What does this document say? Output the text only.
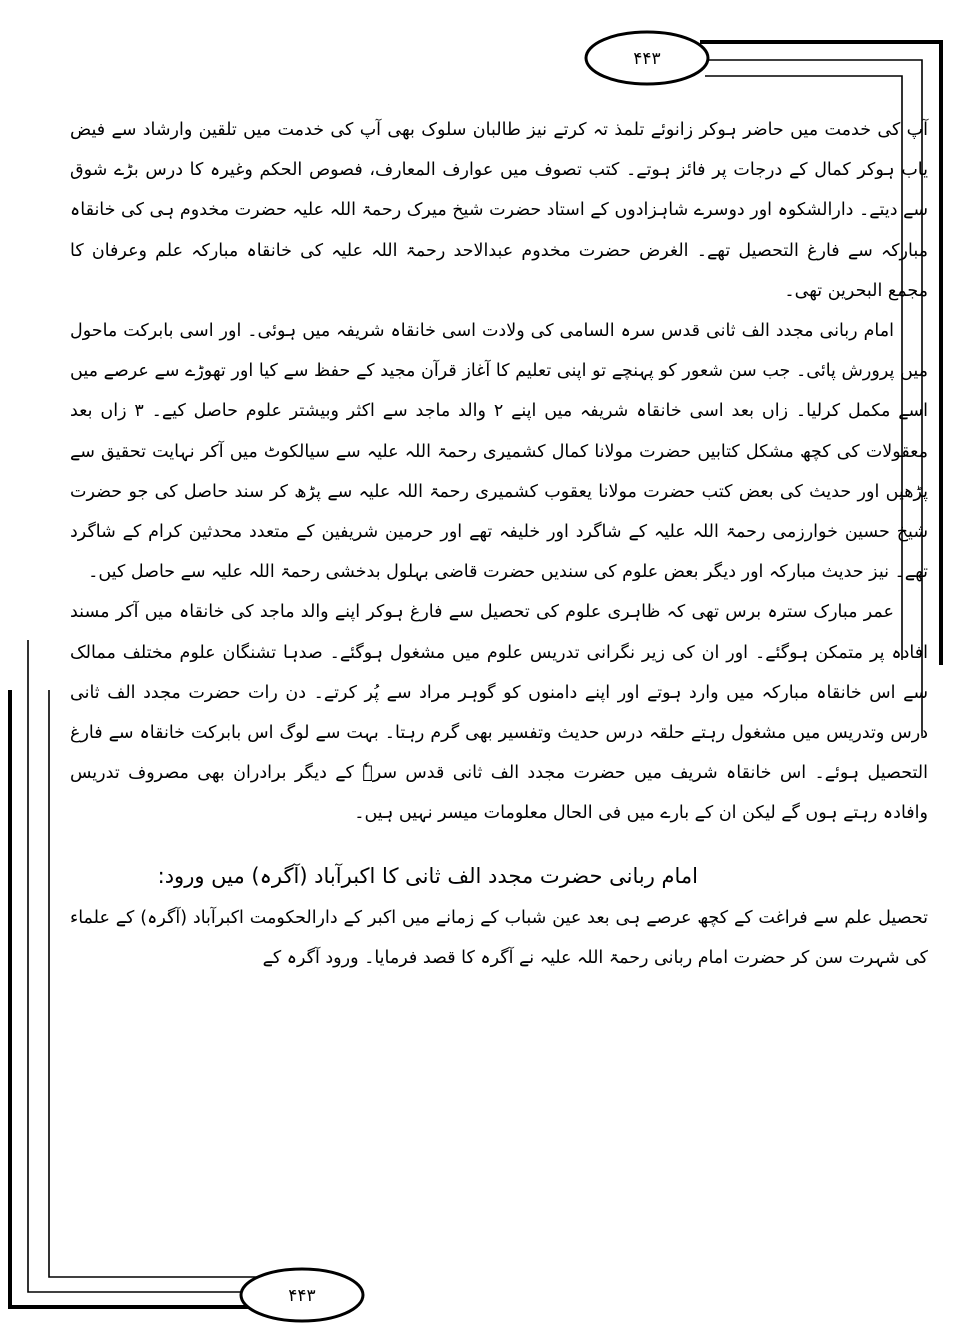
۴۴۳
۴۴۳

آپ کی خدمت میں حاضر ہوکر زانوئے تلمذ تہ کرتے نیز طالبان سلوک بھی آپ کی خدمت میں تلقین وارشاد سے فیض یاب ہوکر کمال کے درجات پر فائز ہوتے۔ کتب تصوف میں عوارف المعارف، فصوص الحکم وغیرہ کا درس بڑے شوق سے دیتے۔ دارالشکوہ اور دوسرے شاہزادوں کے استاد حضرت شیخ میرک رحمۃ اللہ علیہ حضرت مخدوم ہی کی خانقاہ مبارکہ سے فارغ التحصیل تھے۔ الغرض حضرت مخدوم عبدالاحد رحمۃ اللہ علیہ کی خانقاہ مبارکہ علم وعرفان کا مجمع البحرین تھی۔

امام ربانی مجدد الف ثانی قدس سرہ السامی کی ولادت اسی خانقاہ شریفہ میں ہوئی۔ اور اسی بابرکت ماحول میں پرورش پائی۔ جب سن شعور کو پہنچے تو اپنی تعلیم کا آغاز قرآن مجید کے حفظ سے کیا اور تھوڑے سے عرصے میں اسے مکمل کرلیا۔ زاں بعد اسی خانقاہ شریفہ میں اپنے ۲ والد ماجد سے اکثر وبیشتر علوم حاصل کیے۔ ۳ زاں بعد معقولات کی کچھ مشکل کتابیں حضرت مولانا کمال کشمیری رحمۃ اللہ علیہ سے سیالکوٹ میں آکر نہایت تحقیق سے پڑھیں اور حدیث کی بعض کتب حضرت مولانا یعقوب کشمیری رحمۃ اللہ علیہ سے پڑھ کر سند حاصل کی جو حضرت شیخ حسین خوارزمی رحمۃ اللہ علیہ کے شاگرد اور خلیفہ تھے اور حرمین شریفین کے متعدد محدثین کرام کے شاگرد تھے۔ نیز حدیث مبارکہ اور دیگر بعض علوم کی سندیں حضرت قاضی بہلول بدخشی رحمۃ اللہ علیہ سے حاصل کیں۔

عمر مبارک سترہ برس تھی کہ ظاہری علوم کی تحصیل سے فارغ ہوکر اپنے والد ماجد کی خانقاہ میں آکر مسند افادہ پر متمکن ہوگئے۔ اور ان کی زیر نگرانی تدریس علوم میں مشغول ہوگئے۔ صدہا تشنگان علوم مختلف ممالک سے اس خانقاہ مبارکہ میں وارد ہوتے اور اپنے دامنوں کو گوہر مراد سے پُر کرتے۔ دن رات حضرت مجدد الف ثانی درس وتدریس میں مشغول رہتے حلقہ درس حدیث وتفسیر بھی گرم رہتا۔ بہت سے لوگ اس بابرکت خانقاہ سے فارغ التحصیل ہوئے۔ اس خانقاہ شریف میں حضرت مجدد الف ثانی قدس سرہٗ کے دیگر برادران بھی مصروف تدریس وافادہ رہتے ہوں گے لیکن ان کے بارے میں فی الحال معلومات میسر نہیں ہیں۔

امام ربانی حضرت مجدد الف ثانی کا اکبرآباد (آگرہ) میں ورود:

تحصیل علم سے فراغت کے کچھ عرصے ہی بعد عین شباب کے زمانے میں اکبر کے دارالحکومت اکبرآباد (آگرہ) کے علماء کی شہرت سن کر حضرت امام ربانی رحمۃ اللہ علیہ نے آگرہ کا قصد فرمایا۔ ورود آگرہ کے
